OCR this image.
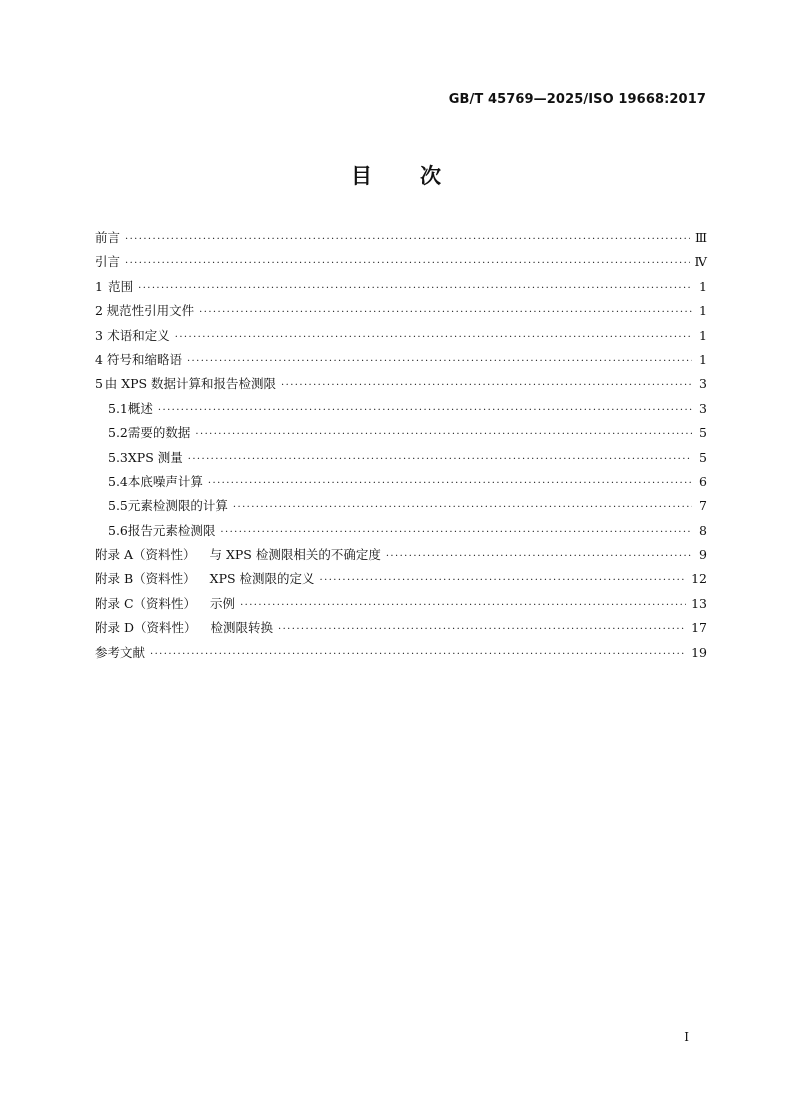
GB/T 45769—2025/ISO 19668:2017
目次
前言 ·····	Ⅲ
引言 ·····	Ⅳ
1 范围 ·····	1
2 规范性引用文件 ·····	1
3 术语和定义 ·····	1
4 符号和缩略语 ·····	1
5 由 XPS 数据计算和报告检测限 ·····	3
5.1 概述 ·····	3
5.2 需要的数据 ·····	5
5.3 XPS 测量 ·····	5
5.4 本底噪声计算 ·····	6
5.5 元素检测限的计算 ·····	7
5.6 报告元素检测限 ·····	8
附录 A（资料性） 与 XPS 检测限相关的不确定度 ·····	9
附录 B（资料性） XPS 检测限的定义 ·····	12
附录 C（资料性） 示例 ·····	13
附录 D（资料性） 检测限转换 ·····	17
参考文献 ·····	19
I
